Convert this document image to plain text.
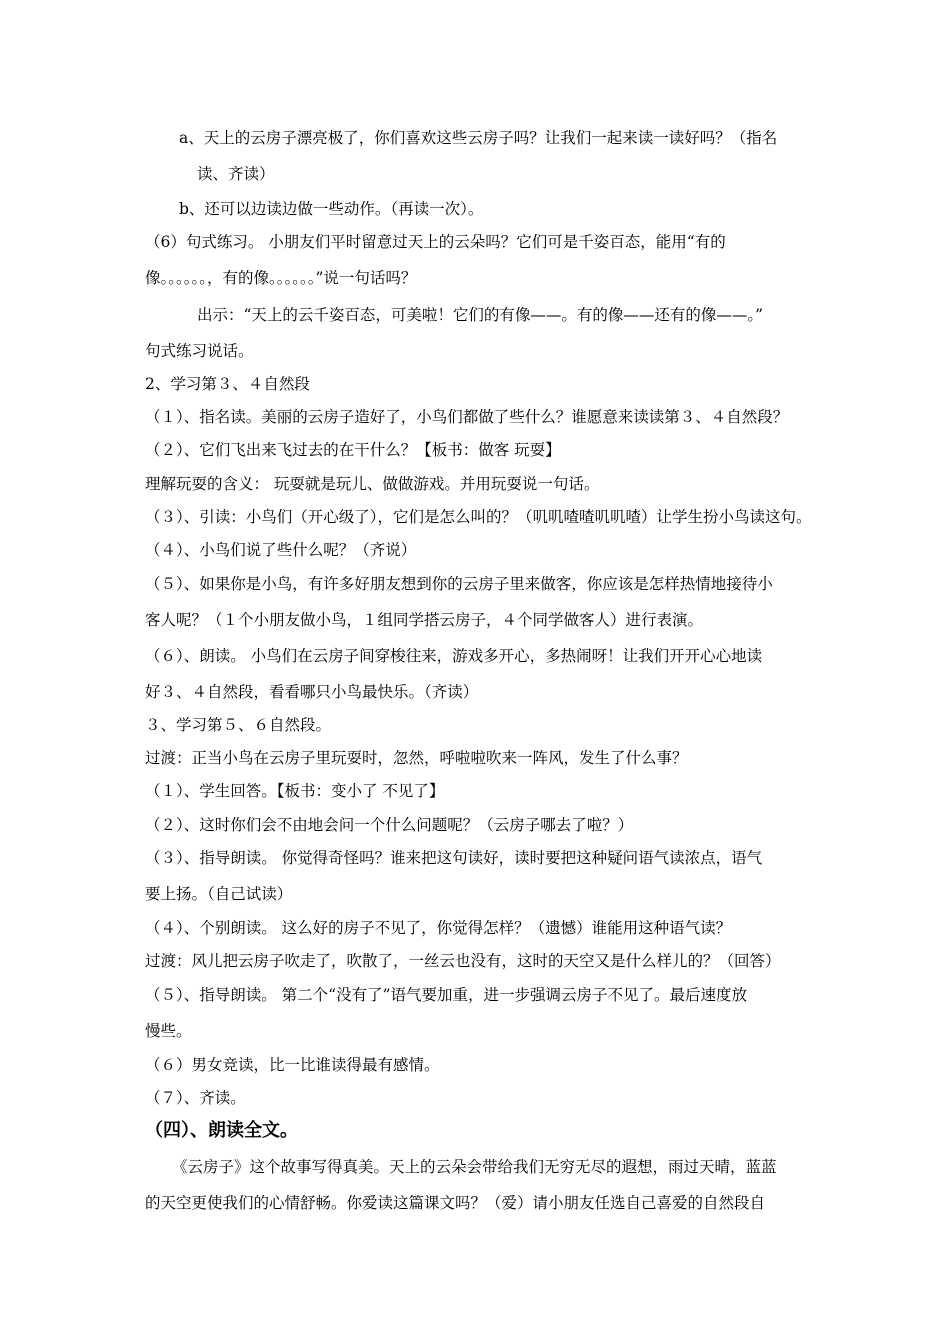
a、天上的云房子漂亮极了，你们喜欢这些云房子吗？让我们一起来读一读好吗？（指名
读、齐读）
b、还可以边读边做一些动作。（再读一次）。
（6）句式练习。 小朋友们平时留意过天上的云朵吗？它们可是千姿百态，能用“有的
像。。。。。。，有的像。。。。。。”说一句话吗？
出示：“天上的云千姿百态，可美啦！它们的有像——。有的像——还有的像——。”
句式练习说话。
2、学习第３、４自然段
（１）、指名读。美丽的云房子造好了，小鸟们都做了些什么？谁愿意来读读第３、４自然段？
（２）、它们飞出来飞过去的在干什么？【板书：做客 玩耍】
理解玩耍的含义： 玩耍就是玩儿、做做游戏。并用玩耍说一句话。
（３）、引读：小鸟们（开心级了），它们是怎么叫的？（叽叽喳喳叽叽喳）让学生扮小鸟读这句。
（４）、小鸟们说了些什么呢？（齐说）
（５）、如果你是小鸟，有许多好朋友想到你的云房子里来做客，你应该是怎样热情地接待小
客人呢？（１个小朋友做小鸟，１组同学搭云房子，４个同学做客人）进行表演。
（６）、朗读。 小鸟们在云房子间穿梭往来，游戏多开心，多热闹呀！让我们开开心心地读
好３、４自然段，看看哪只小鸟最快乐。（齐读）
３、学习第５、６自然段。
过渡：正当小鸟在云房子里玩耍时，忽然，呼啦啦吹来一阵风，发生了什么事？
（１）、学生回答。【板书：变小了 不见了】
（２）、这时你们会不由地会问一个什么问题呢？（云房子哪去了啦？）
（３）、指导朗读。 你觉得奇怪吗？谁来把这句读好，读时要把这种疑问语气读浓点，语气
要上扬。（自己试读）
（４）、个别朗读。 这么好的房子不见了，你觉得怎样？（遗憾）谁能用这种语气读？
过渡：风儿把云房子吹走了，吹散了，一丝云也没有，这时的天空又是什么样儿的？（回答）
（５）、指导朗读。 第二个“没有了”语气要加重，进一步强调云房子不见了。最后速度放
慢些。
（６）男女竞读，比一比谁读得最有感情。
（７）、齐读。
（四）、朗读全文。
《云房子》这个故事写得真美。天上的云朵会带给我们无穷无尽的遐想，雨过天晴，蓝蓝
的天空更使我们的心情舒畅。你爱读这篇课文吗？（爱）请小朋友任选自己喜爱的自然段自
